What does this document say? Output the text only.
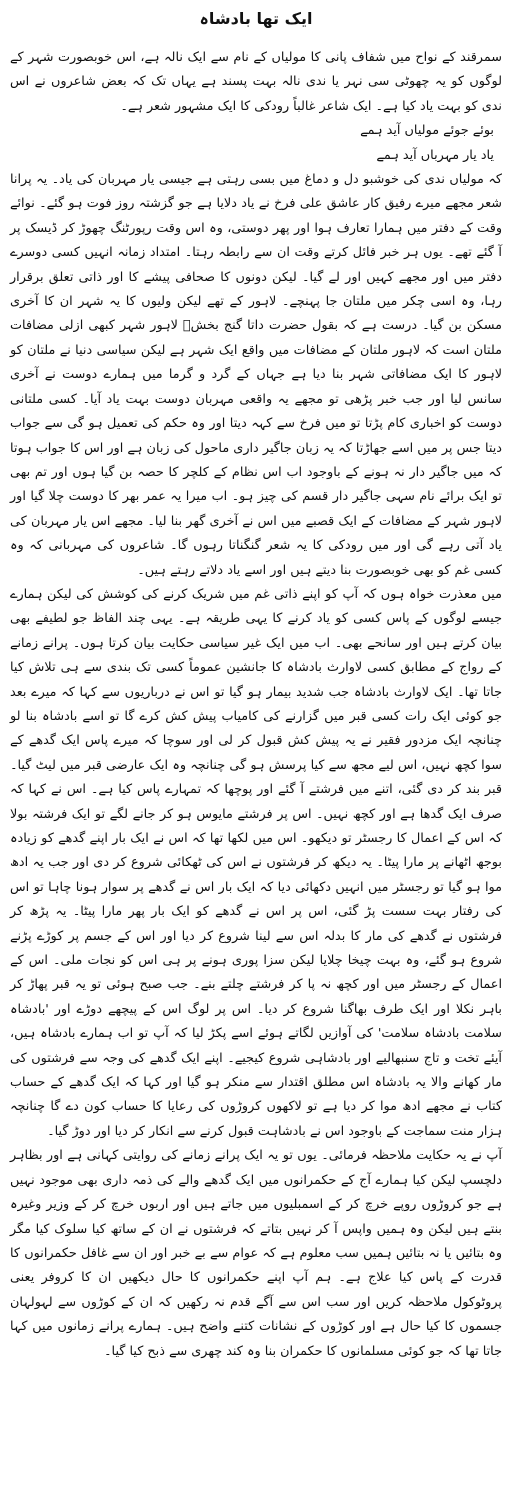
ایک تھا بادشاہ

سمرقند کے نواح میں شفاف پانی کا مولیاں کے نام سے ایک نالہ ہے، اس خوبصورت شہر کے لوگوں کو یہ چھوٹی سی نہر یا ندی نالہ بہت پسند ہے یہاں تک کہ بعض شاعروں نے اس ندی کو بہت یاد کیا ہے۔ ایک شاعر غالباً رودکی کا ایک مشہور شعر ہے۔

بوئے جوئے مولیاں آید ہمے

یاد یار مہرباں آید ہمے

کہ مولیاں ندی کی خوشبو دل و دماغ میں بسی رہتی ہے جیسی یار مہربان کی یاد۔ یہ پرانا شعر مجھے میرے رفیق کار عاشق علی فرخ نے یاد دلایا ہے جو گزشتہ روز فوت ہو گئے۔ نوائے وقت کے دفتر میں ہمارا تعارف ہوا اور پھر دوستی، وہ اس وقت رپورٹنگ چھوڑ کر ڈیسک پر آ گئے تھے۔ یوں ہر خبر فائل کرتے وقت ان سے رابطہ رہتا۔ امتداد زمانہ انہیں کسی دوسرے دفتر میں اور مجھے کہیں اور لے گیا۔ لیکن دونوں کا صحافی پیشے کا اور ذاتی تعلق برقرار رہا، وہ اسی چکر میں ملتان جا پہنچے۔ لاہور کے تھے لیکن ولیوں کا یہ شہر ان کا آخری مسکن بن گیا۔ درست ہے کہ بقول حضرت داتا گنج بخشؒ لاہور شہر کبھی ازلی مضافات ملتان است کہ لاہور ملتان کے مضافات میں واقع ایک شہر ہے لیکن سیاسی دنیا نے ملتان کو لاہور کا ایک مضافاتی شہر بنا دیا ہے جہاں کے گرد و گرما میں ہمارے دوست نے آخری سانس لیا اور جب خبر پڑھی تو مجھے یہ واقعی مہربان دوست بہت یاد آیا۔ کسی ملتانی دوست کو اخباری کام پڑتا تو میں فرخ سے کہہ دیتا اور وہ حکم کی تعمیل ہو گی سے جواب دیتا جس پر میں اسے جھاڑتا کہ یہ زبان جاگیر داری ماحول کی زبان ہے اور اس کا جواب ہوتا کہ میں جاگیر دار نہ ہونے کے باوجود اب اس نظام کے کلچر کا حصہ بن گیا ہوں اور تم بھی تو ایک برائے نام سہی جاگیر دار قسم کی چیز ہو۔ اب میرا یہ عمر بھر کا دوست چلا گیا اور لاہور شہر کے مضافات کے ایک قصبے میں اس نے آخری گھر بنا لیا۔ مجھے اس یار مہربان کی یاد آتی رہے گی اور میں رودکی کا یہ شعر گنگناتا رہوں گا۔ شاعروں کی مہربانی کہ وہ کسی غم کو بھی خوبصورت بنا دیتے ہیں اور اسے یاد دلاتے رہتے ہیں۔

میں معذرت خواہ ہوں کہ آپ کو اپنے ذاتی غم میں شریک کرنے کی کوشش کی لیکن ہمارے جیسے لوگوں کے پاس کسی کو یاد کرنے کا یہی طریقہ ہے۔ یہی چند الفاظ جو لطیفے بھی بیان کرتے ہیں اور سانحے بھی۔ اب میں ایک غیر سیاسی حکایت بیان کرتا ہوں۔ پرانے زمانے کے رواج کے مطابق کسی لاوارث بادشاہ کا جانشین عموماً کسی تک بندی سے ہی تلاش کیا جاتا تھا۔ ایک لاوارث بادشاہ جب شدید بیمار ہو گیا تو اس نے درباریوں سے کہا کہ میرے بعد جو کوئی ایک رات کسی قبر میں گزارنے کی کامیاب پیش کش کرے گا تو اسے بادشاہ بنا لو چنانچہ ایک مزدور فقیر نے یہ پیش کش قبول کر لی اور سوچا کہ میرے پاس ایک گدھے کے سوا کچھ نہیں، اس لیے مجھ سے کیا پرسش ہو گی چنانچہ وہ ایک عارضی قبر میں لیٹ گیا۔ قبر بند کر دی گئی، اتنے میں فرشتے آ گئے اور پوچھا کہ تمہارے پاس کیا ہے۔ اس نے کہا کہ صرف ایک گدھا ہے اور کچھ نہیں۔ اس پر فرشتے مایوس ہو کر جانے لگے تو ایک فرشتہ بولا کہ اس کے اعمال کا رجسٹر تو دیکھو۔ اس میں لکھا تھا کہ اس نے ایک بار اپنے گدھے کو زیادہ بوجھ اٹھانے پر مارا پیٹا۔ یہ دیکھ کر فرشتوں نے اس کی ٹھکائی شروع کر دی اور جب یہ ادھ موا ہو گیا تو رجسٹر میں انہیں دکھائی دیا کہ ایک بار اس نے گدھے پر سوار ہونا چاہا تو اس کی رفتار بہت سست پڑ گئی، اس پر اس نے گدھے کو ایک بار پھر مارا پیٹا۔ یہ پڑھ کر فرشتوں نے گدھے کی مار کا بدلہ اس سے لینا شروع کر دیا اور اس کے جسم پر کوڑے پڑنے شروع ہو گئے، وہ بہت چیخا چلایا لیکن سزا پوری ہونے پر ہی اس کو نجات ملی۔ اس کے اعمال کے رجسٹر میں اور کچھ نہ پا کر فرشتے چلتے بنے۔ جب صبح ہوئی تو یہ قبر پھاڑ کر باہر نکلا اور ایک طرف بھاگنا شروع کر دیا۔ اس پر لوگ اس کے پیچھے دوڑے اور 'بادشاہ سلامت بادشاہ سلامت' کی آوازیں لگاتے ہوئے اسے پکڑ لیا کہ آپ تو اب ہمارے بادشاہ ہیں، آیئے تخت و تاج سنبھالیے اور بادشاہی شروع کیجیے۔ اپنے ایک گدھے کی وجہ سے فرشتوں کی مار کھانے والا یہ بادشاہ اس مطلق اقتدار سے منکر ہو گیا اور کہا کہ ایک گدھے کے حساب کتاب نے مجھے ادھ موا کر دیا ہے تو لاکھوں کروڑوں کی رعایا کا حساب کون دے گا چنانچہ ہزار منت سماجت کے باوجود اس نے بادشاہت قبول کرنے سے انکار کر دیا اور دوڑ گیا۔

آپ نے یہ حکایت ملاحظہ فرمائی۔ یوں تو یہ ایک پرانے زمانے کی روایتی کہانی ہے اور بظاہر دلچسپ لیکن کیا ہمارے آج کے حکمرانوں میں ایک گدھے والے کی ذمہ داری بھی موجود نہیں ہے جو کروڑوں روپے خرچ کر کے اسمبلیوں میں جاتے ہیں اور اربوں خرچ کر کے وزیر وغیرہ بنتے ہیں لیکن وہ ہمیں واپس آ کر نہیں بتاتے کہ فرشتوں نے ان کے ساتھ کیا سلوک کیا مگر وہ بتائیں یا نہ بتائیں ہمیں سب معلوم ہے کہ عوام سے بے خبر اور ان سے غافل حکمرانوں کا قدرت کے پاس کیا علاج ہے۔ ہم آپ اپنے حکمرانوں کا حال دیکھیں ان کا کروفر یعنی پروٹوکول ملاحظہ کریں اور سب اس سے آگے قدم نہ رکھیں کہ ان کے کوڑوں سے لہولہان جسموں کا کیا حال ہے اور کوڑوں کے نشانات کتنے واضح ہیں۔ ہمارے پرانے زمانوں میں کہا جاتا تھا کہ جو کوئی مسلمانوں کا حکمران بنا وہ کند چھری سے ذبح کیا گیا۔
